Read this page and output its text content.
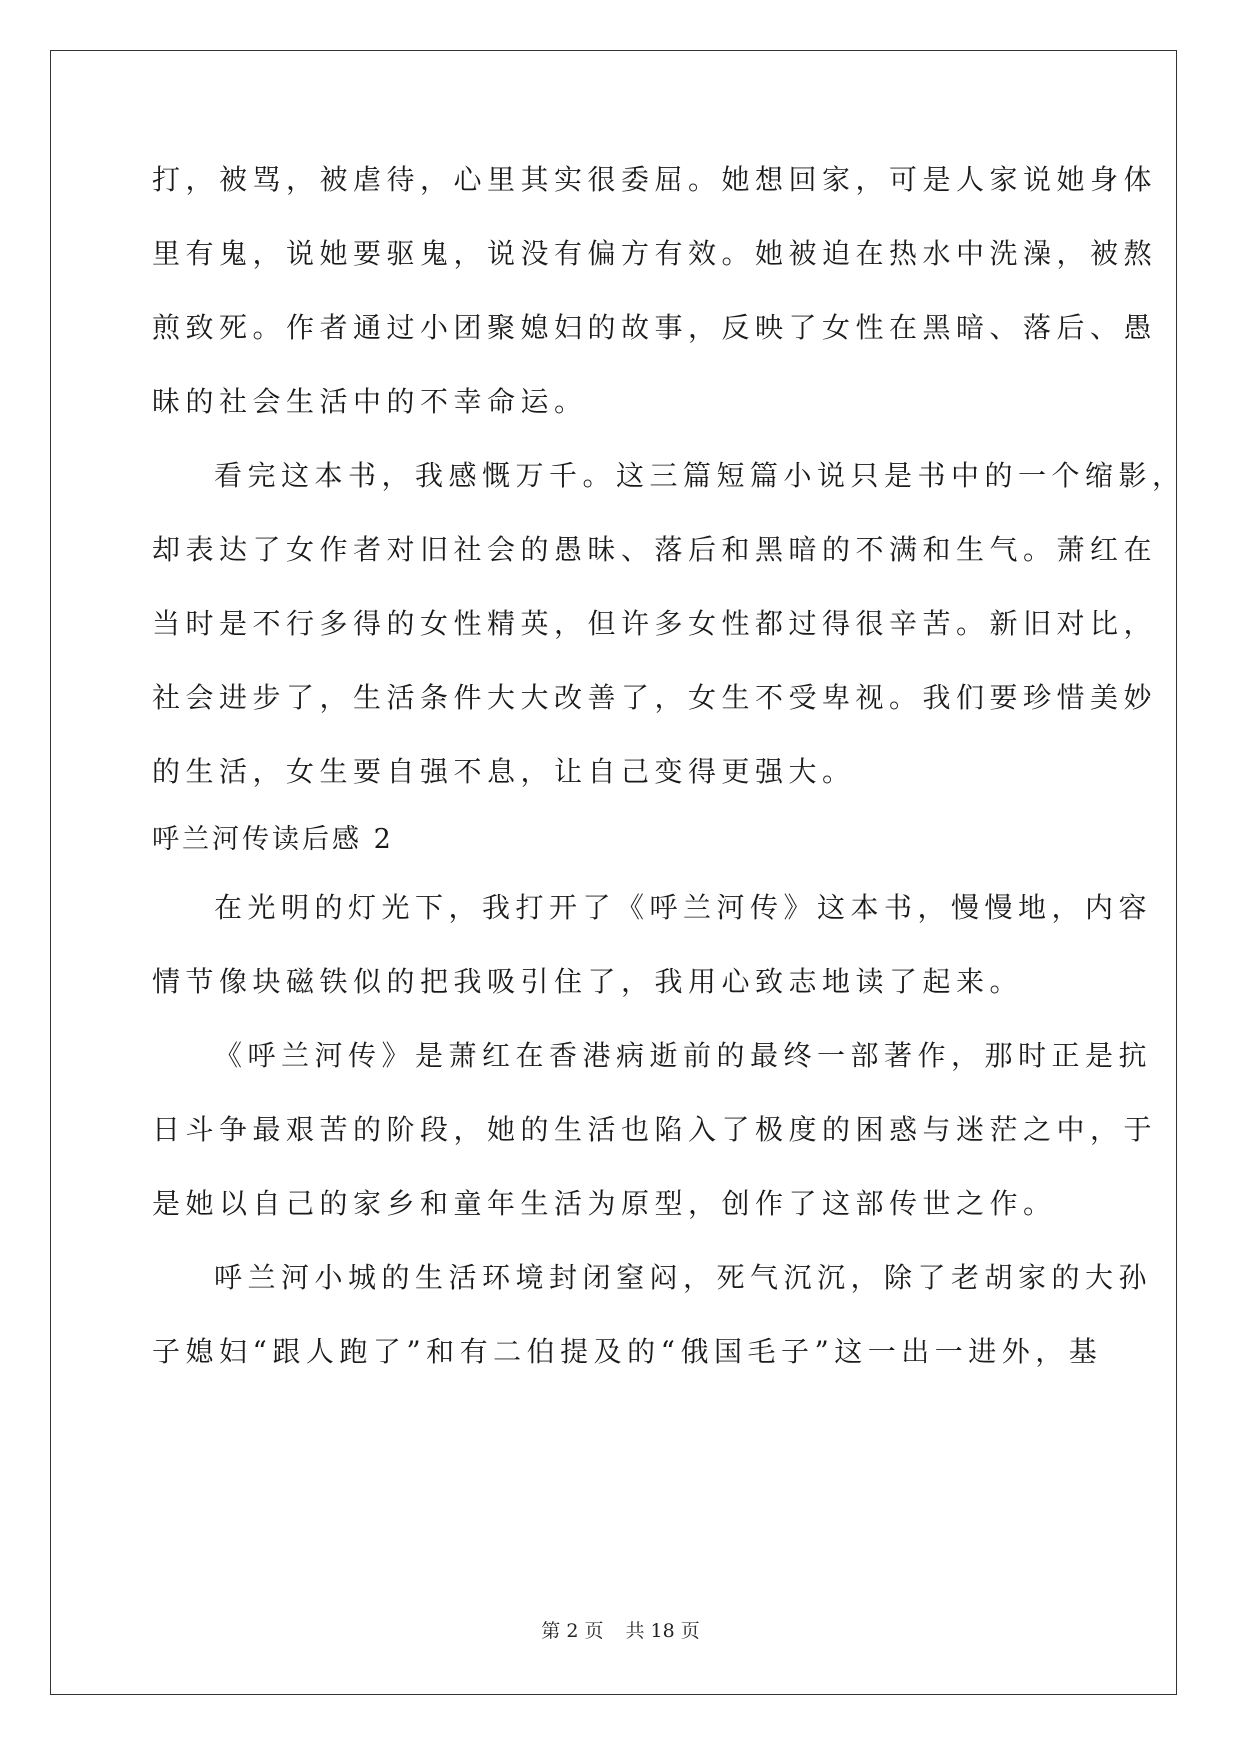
打，被骂，被虐待，心里其实很委屈。她想回家，可是人家说她身体
里有鬼，说她要驱鬼，说没有偏方有效。她被迫在热水中洗澡，被熬
煎致死。作者通过小团聚媳妇的故事，反映了女性在黑暗、落后、愚
昧的社会生活中的不幸命运。
看完这本书，我感慨万千。这三篇短篇小说只是书中的一个缩影，
却表达了女作者对旧社会的愚昧、落后和黑暗的不满和生气。萧红在
当时是不行多得的女性精英，但许多女性都过得很辛苦。新旧对比，
社会进步了，生活条件大大改善了，女生不受卑视。我们要珍惜美妙
的生活，女生要自强不息，让自己变得更强大。
呼兰河传读后感 2
在光明的灯光下，我打开了《呼兰河传》这本书，慢慢地，内容
情节像块磁铁似的把我吸引住了，我用心致志地读了起来。
《呼兰河传》是萧红在香港病逝前的最终一部著作，那时正是抗
日斗争最艰苦的阶段，她的生活也陷入了极度的困惑与迷茫之中，于
是她以自己的家乡和童年生活为原型，创作了这部传世之作。
呼兰河小城的生活环境封闭窒闷，死气沉沉，除了老胡家的大孙
子媳妇“跟人跑了”和有二伯提及的“俄国毛子”这一出一进外，基
第 2 页 共 18 页
